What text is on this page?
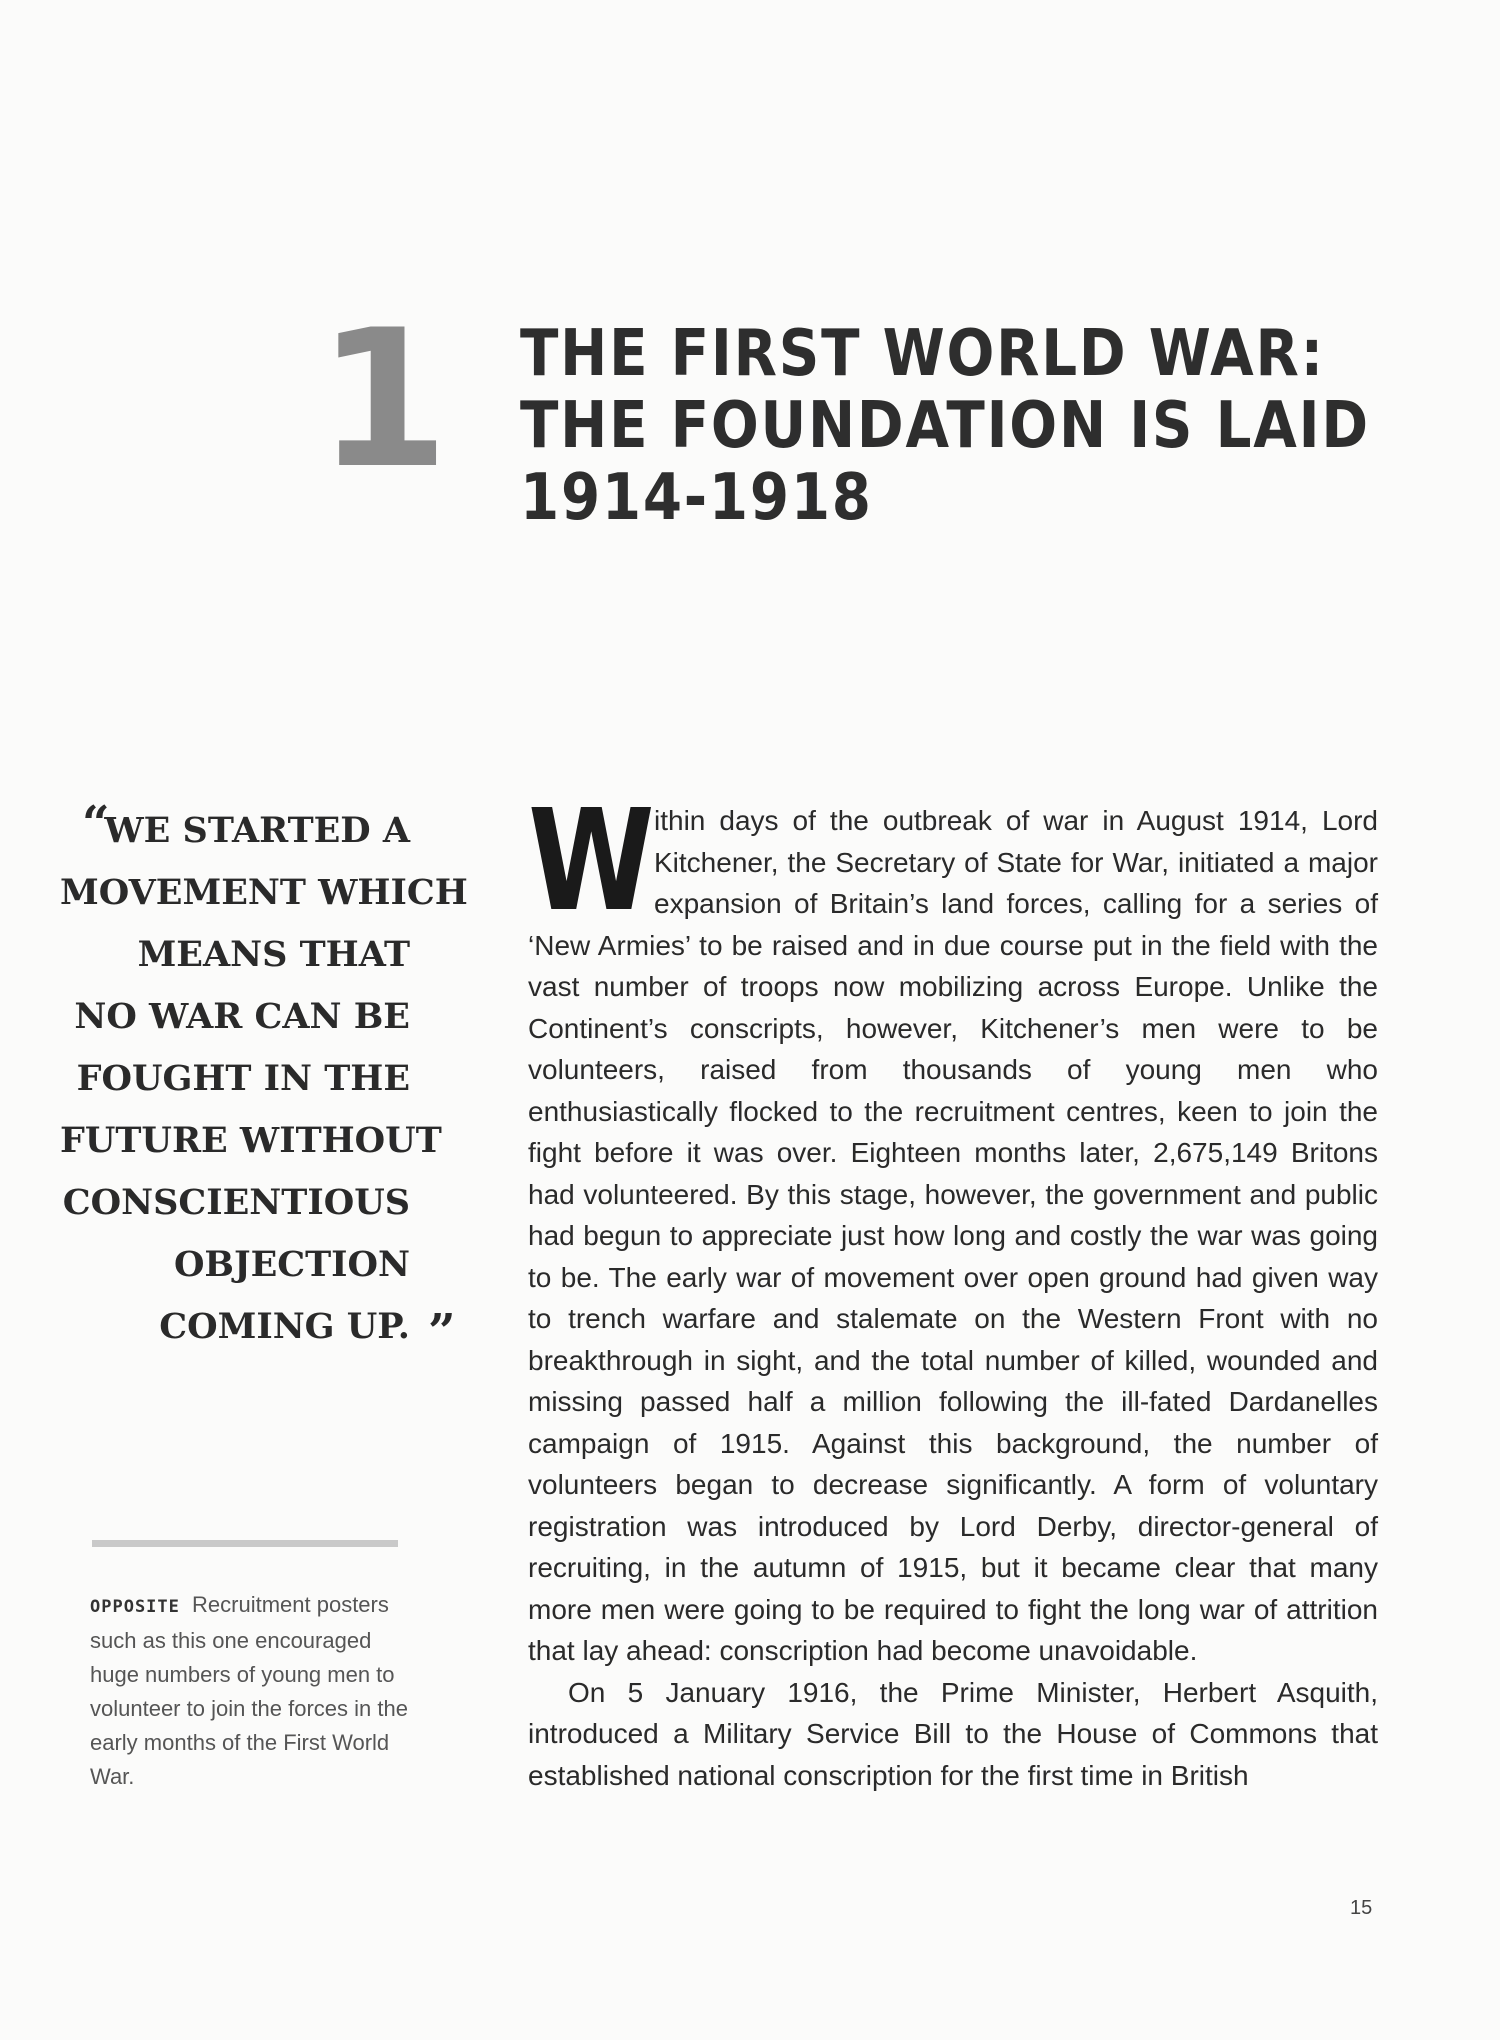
1 THE FIRST WORLD WAR:
THE FOUNDATION IS LAID
1914-1918
“
WE STARTED A
MOVEMENT WHICH
MEANS THAT
NO WAR CAN BE
FOUGHT IN THE
FUTURE WITHOUT
CONSCIENTIOUS
OBJECTION
COMING UP. ”
OPPOSITE Recruitment posters such as this one encouraged huge numbers of young men to volunteer to join the forces in the early months of the First World War.

Within days of the outbreak of war in August 1914, Lord Kitchener, the Secretary of State for War, initiated a major expansion of Britain’s land forces, calling for a series of ‘New Armies’ to be raised and in due course put in the field with the vast number of troops now mobilizing across Europe. Unlike the Continent’s conscripts, however, Kitchener’s men were to be volunteers, raised from thousands of young men who enthusiastically flocked to the recruitment centres, keen to join the fight before it was over. Eighteen months later, 2,675,149 Britons had volunteered. By this stage, however, the government and public had begun to appreciate just how long and costly the war was going to be. The early war of movement over open ground had given way to trench warfare and stalemate on the Western Front with no breakthrough in sight, and the total number of killed, wounded and missing passed half a million following the ill-fated Dardanelles campaign of 1915. Against this background, the number of volunteers began to decrease significantly. A form of voluntary registration was introduced by Lord Derby, director-general of recruiting, in the autumn of 1915, but it became clear that many more men were going to be required to fight the long war of attrition that lay ahead: conscription had become unavoidable.

On 5 January 1916, the Prime Minister, Herbert Asquith, introduced a Military Service Bill to the House of Commons that established national conscription for the first time in British

15
